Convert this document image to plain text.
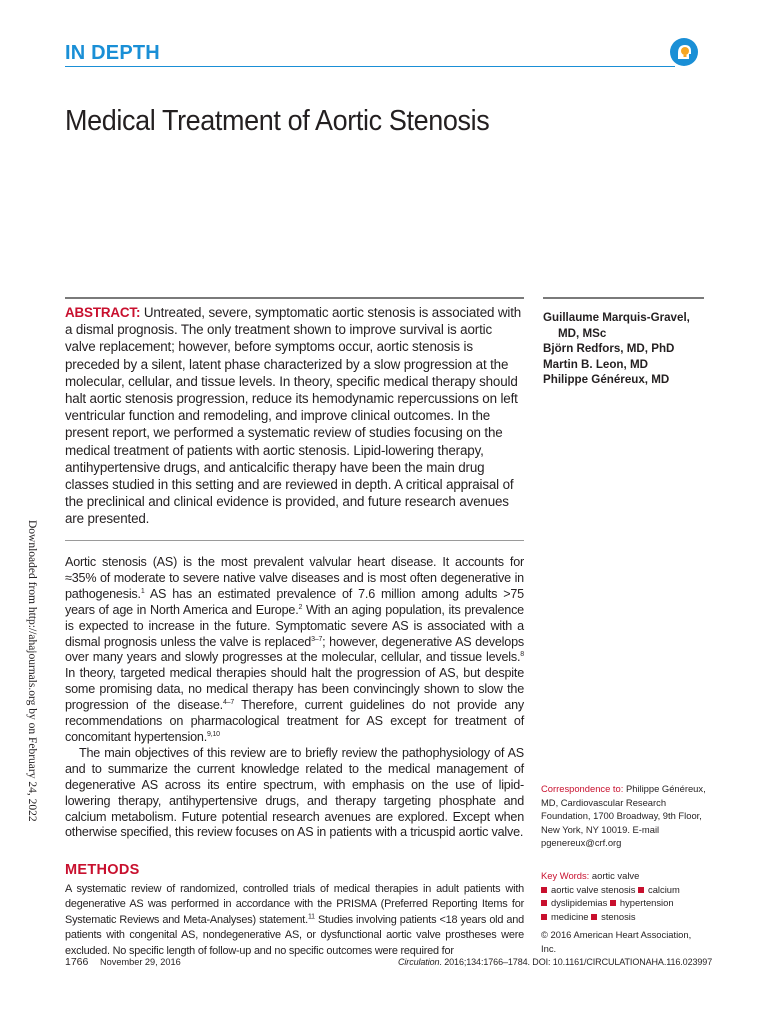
IN DEPTH
Medical Treatment of Aortic Stenosis

ABSTRACT: Untreated, severe, symptomatic aortic stenosis is associated with a dismal prognosis. The only treatment shown to improve survival is aortic valve replacement; however, before symptoms occur, aortic stenosis is preceded by a silent, latent phase characterized by a slow progression at the molecular, cellular, and tissue levels. In theory, specific medical therapy should halt aortic stenosis progression, reduce its hemodynamic repercussions on left ventricular function and remodeling, and improve clinical outcomes. In the present report, we performed a systematic review of studies focusing on the medical treatment of patients with aortic stenosis. Lipid-lowering therapy, antihypertensive drugs, and anticalcific therapy have been the main drug classes studied in this setting and are reviewed in depth. A critical appraisal of the preclinical and clinical evidence is provided, and future research avenues are presented.

Guillaume Marquis-Gravel,
MD, MSc
Björn Redfors, MD, PhD
Martin B. Leon, MD
Philippe Généreux, MD
Downloaded from http://ahajournals.org by on February 24, 2022 Aortic stenosis (AS) is the most prevalent valvular heart disease. It accounts for ≈35% of moderate to severe native valve diseases and is most often degenerative in pathogenesis.$^1$ AS has an estimated prevalence of 7.6 million among adults >75 years of age in North America and Europe.$^2$ With an aging population, its prevalence is expected to increase in the future. Symptomatic severe AS is associated with a dismal prognosis unless the valve is replaced$^{3-7}$; however, degenerative AS develops over many years and slowly progresses at the molecular, cellular, and tissue levels.$^8$ In theory, targeted medical therapies should halt the progression of AS, but despite some promising data, no medical therapy has been convincingly shown to slow the progression of the disease.$^{4-7}$ Therefore, current guidelines do not provide any recommendations on pharmacological treatment for AS except for treatment of concomitant hypertension.$^{9,10}$

The main objectives of this review are to briefly review the pathophysiology of AS and to summarize the current knowledge related to the medical management of degenerative AS across its entire spectrum, with emphasis on the use of lipid-lowering therapy, antihypertensive drugs, and therapy targeting phosphate and calcium metabolism. Future potential research avenues are explored. Except when otherwise specified, this review focuses on AS in patients with a tricuspid aortic valve.

METHODS

A systematic review of randomized, controlled trials of medical therapies in adult patients with degenerative AS was performed in accordance with the PRISMA (Preferred Reporting Items for Systematic Reviews and Meta-Analyses) statement.$^{11}$ Studies involving patients <18 years old and patients with congenital AS, nondegenerative AS, or dysfunctional aortic valve prostheses were excluded. No specific length of follow-up and no specific outcomes were required for

Correspondence to: Philippe Généreux, MD, Cardiovascular Research Foundation, 1700 Broadway, 9th Floor, New York, NY 10019. E-mail pgenereux@crf.org
Key Words: aortic valve
aortic valve stenosis calcium
dyslipidemias hypertension
medicine stenosis
© 2016 American Heart Association, Inc.
1766 November 29, 2016	Circulation. 2016;134:1766–1784. DOI: 10.1161/CIRCULATIONAHA.116.023997
